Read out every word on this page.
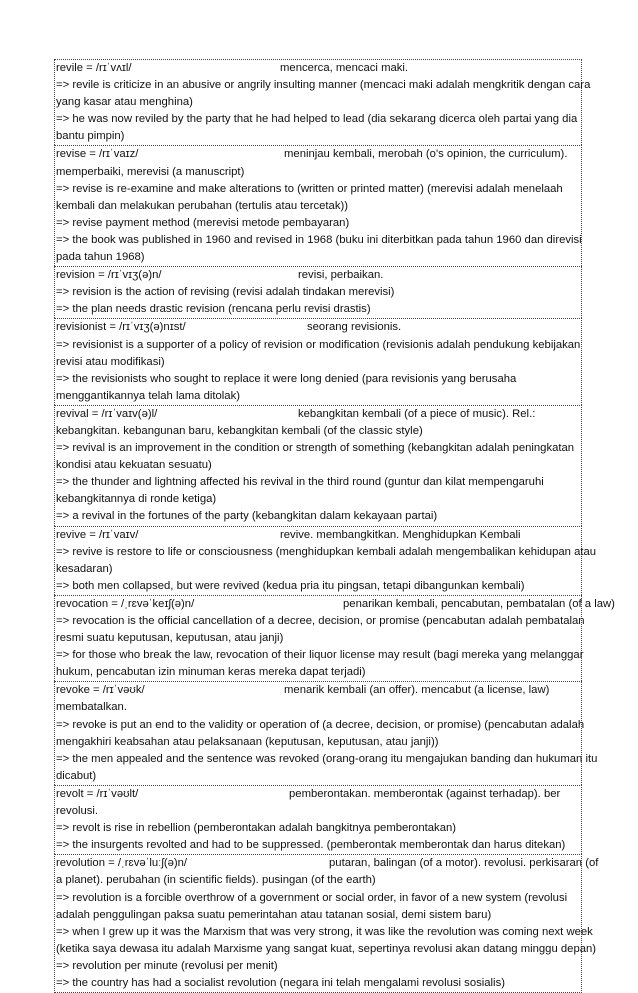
revile = /rɪˈvʌɪl/	mencerca, mencaci maki.
=> revile is criticize in an abusive or angrily insulting manner (mencaci maki adalah mengkritik dengan cara
yang kasar atau menghina)
=> he was now reviled by the party that he had helped to lead (dia sekarang dicerca oleh partai yang dia
bantu pimpin)
revise = /rɪˈvaɪz/	meninjau kembali, merobah (o's opinion, the curriculum).
memperbaiki, merevisi (a manuscript)
=> revise is re-examine and make alterations to (written or printed matter) (merevisi adalah menelaah
kembali dan melakukan perubahan (tertulis atau tercetak))
=> revise payment method (merevisi metode pembayaran)
=> the book was published in 1960 and revised in 1968 (buku ini diterbitkan pada tahun 1960 dan direvisi
pada tahun 1968)
revision = /rɪˈvɪʒ(ə)n/	revisi, perbaikan.
=> revision is the action of revising (revisi adalah tindakan merevisi)
=> the plan needs drastic revision (rencana perlu revisi drastis)
revisionist = /rɪˈvɪʒ(ə)nɪst/	seorang revisionis.
=> revisionist is a supporter of a policy of revision or modification (revisionis adalah pendukung kebijakan
revisi atau modifikasi)
=> the revisionists who sought to replace it were long denied (para revisionis yang berusaha
menggantikannya telah lama ditolak)
revival = /rɪˈvaɪv(ə)l/	kebangkitan kembali (of a piece of music). Rel.:
kebangkitan. kebangunan baru, kebangkitan kembali (of the classic style)
=> revival is an improvement in the condition or strength of something (kebangkitan adalah peningkatan
kondisi atau kekuatan sesuatu)
=> the thunder and lightning affected his revival in the third round (guntur dan kilat mempengaruhi
kebangkitannya di ronde ketiga)
=> a revival in the fortunes of the party (kebangkitan dalam kekayaan partai)
revive = /rɪˈvaɪv/	revive. membangkitkan. Menghidupkan Kembali
=> revive is restore to life or consciousness (menghidupkan kembali adalah mengembalikan kehidupan atau
kesadaran)
=> both men collapsed, but were revived (kedua pria itu pingsan, tetapi dibangunkan kembali)
revocation = /ˌrɛvəˈkeɪʃ(ə)n/	penarikan kembali, pencabutan, pembatalan (of a law)
=> revocation is the official cancellation of a decree, decision, or promise (pencabutan adalah pembatalan
resmi suatu keputusan, keputusan, atau janji)
=> for those who break the law, revocation of their liquor license may result (bagi mereka yang melanggar
hukum, pencabutan izin minuman keras mereka dapat terjadi)
revoke = /rɪˈvəʊk/	menarik kembali (an offer). mencabut (a license, law)
membatalkan.
=> revoke is put an end to the validity or operation of (a decree, decision, or promise) (pencabutan adalah
mengakhiri keabsahan atau pelaksanaan (keputusan, keputusan, atau janji))
=> the men appealed and the sentence was revoked (orang-orang itu mengajukan banding dan hukuman itu
dicabut)
revolt = /rɪˈvəʊlt/	pemberontakan. memberontak (against terhadap). ber
revolusi.
=> revolt is rise in rebellion (pemberontakan adalah bangkitnya pemberontakan)
=> the insurgents revolted and had to be suppressed. (pemberontak memberontak dan harus ditekan)
revolution = /ˌrɛvəˈluːʃ(ə)n/	putaran, balingan (of a motor). revolusi. perkisaran (of
a planet). perubahan (in scientific fields). pusingan (of the earth)
=> revolution is a forcible overthrow of a government or social order, in favor of a new system (revolusi
adalah penggulingan paksa suatu pemerintahan atau tatanan sosial, demi sistem baru)
=> when I grew up it was the Marxism that was very strong, it was like the revolution was coming next week
(ketika saya dewasa itu adalah Marxisme yang sangat kuat, sepertinya revolusi akan datang minggu depan)
=> revolution per minute (revolusi per menit)
=> the country has had a socialist revolution (negara ini telah mengalami revolusi sosialis)
